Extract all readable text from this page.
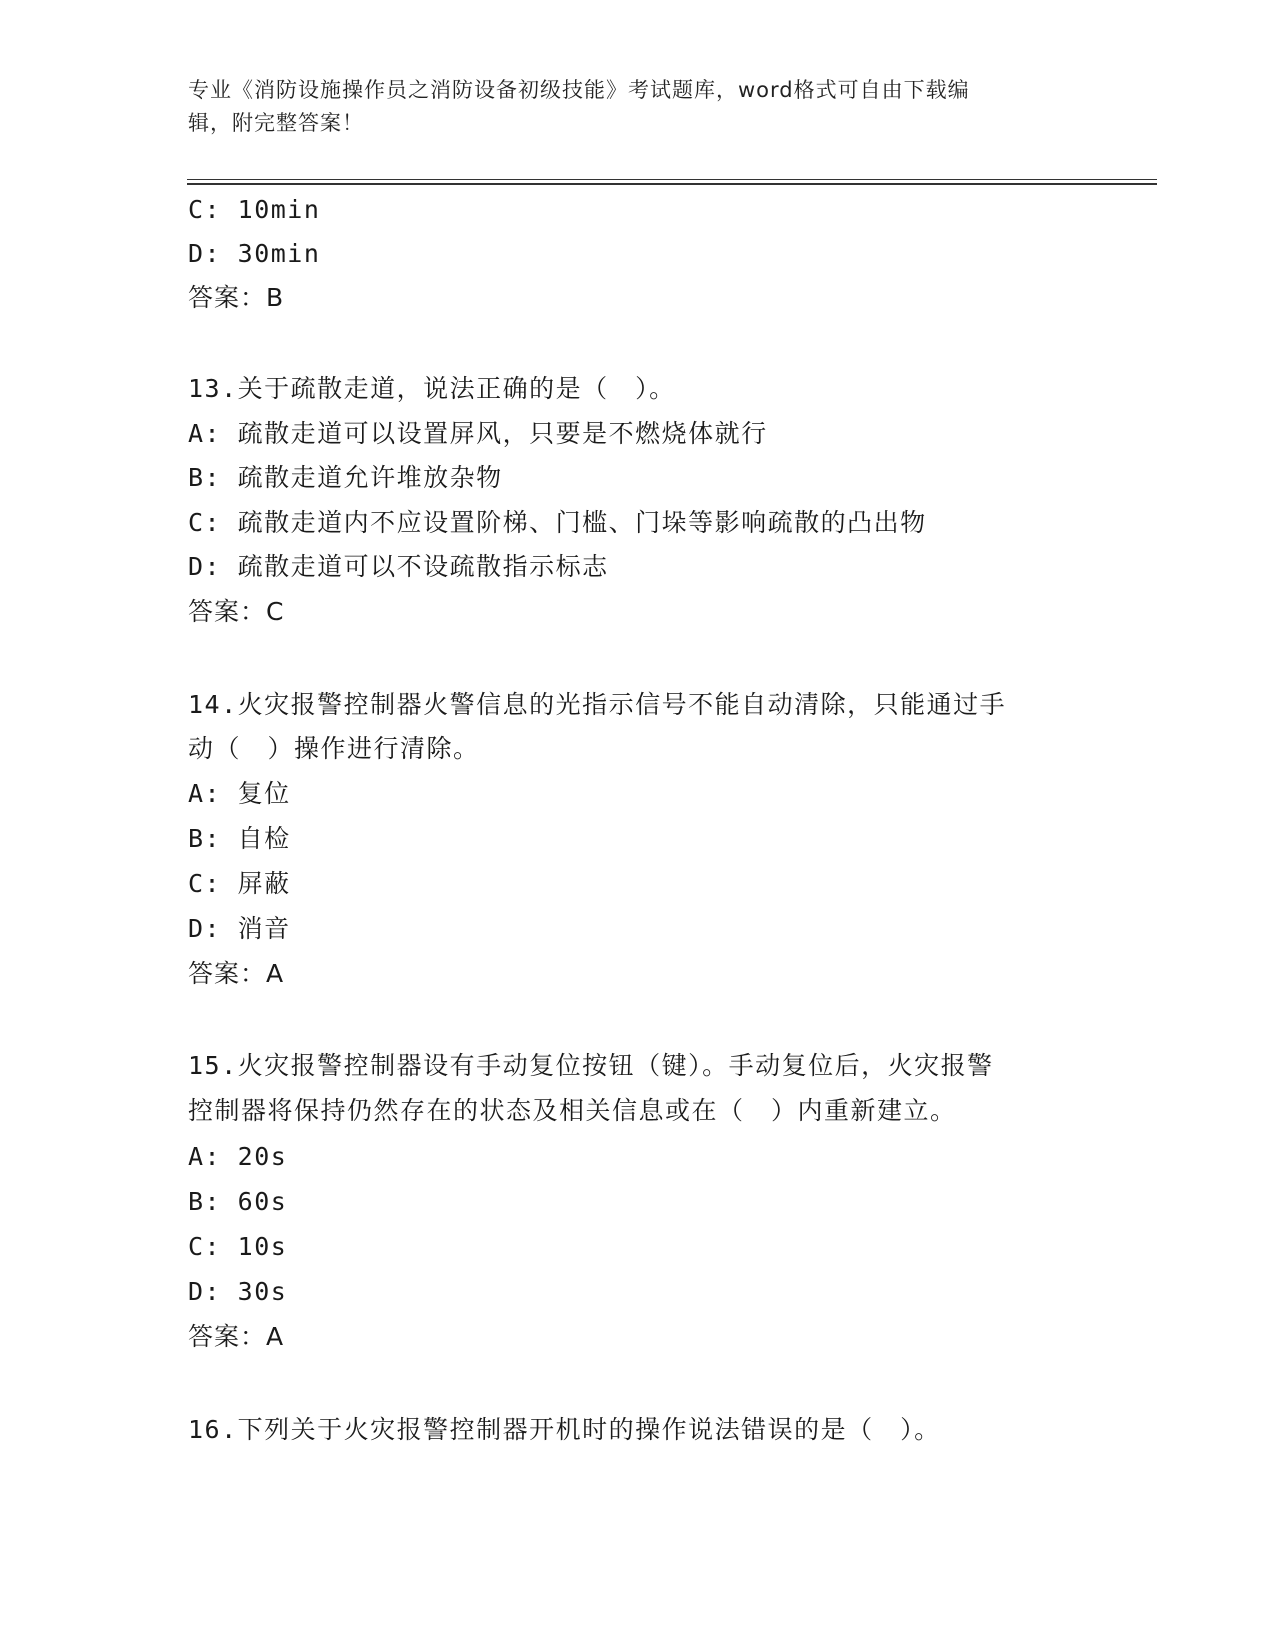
专业《消防设施操作员之消防设备初级技能》考试题库，word格式可自由下载编
辑，附完整答案！
C: 10min
D: 30min
答案：B
13.关于疏散走道，说法正确的是（　）。
A: 疏散走道可以设置屏风，只要是不燃烧体就行
B: 疏散走道允许堆放杂物
C: 疏散走道内不应设置阶梯、门槛、门垛等影响疏散的凸出物
D: 疏散走道可以不设疏散指示标志
答案：C
14.火灾报警控制器火警信息的光指示信号不能自动清除，只能通过手
动（　）操作进行清除。
A: 复位
B: 自检
C: 屏蔽
D: 消音
答案：A
15.火灾报警控制器设有手动复位按钮（键）。手动复位后，火灾报警
控制器将保持仍然存在的状态及相关信息或在（　）内重新建立。
A: 20s
B: 60s
C: 10s
D: 30s
答案：A
16.下列关于火灾报警控制器开机时的操作说法错误的是（　）。
